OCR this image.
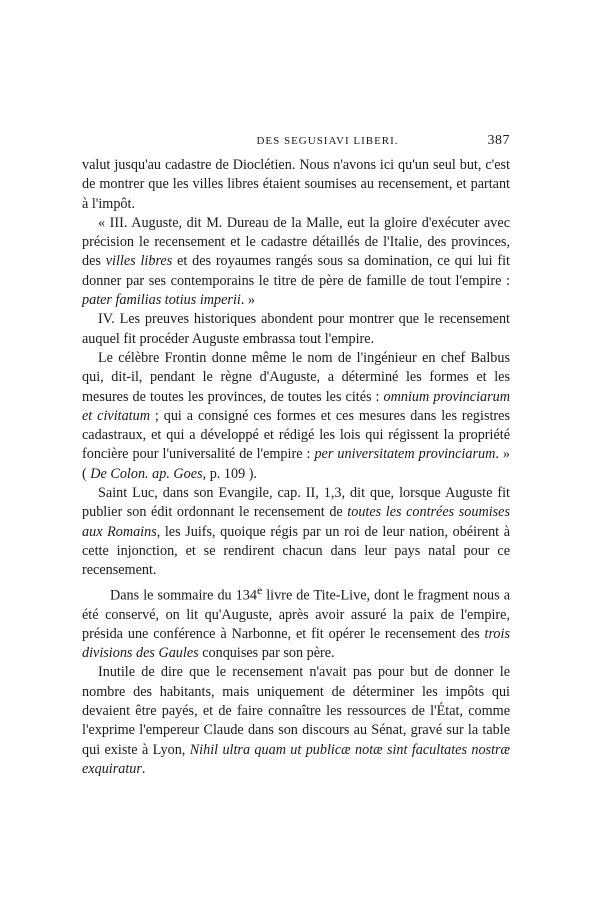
DES SEGUSIAVI LIBERI.	387

valut jusqu'au cadastre de Dioclétien. Nous n'avons ici qu'un seul but, c'est de montrer que les villes libres étaient soumises au recensement, et partant à l'impôt.

« III. Auguste, dit M. Dureau de la Malle, eut la gloire d'exécuter avec précision le recensement et le cadastre détaillés de l'Italie, des provinces, des villes libres et des royaumes rangés sous sa domination, ce qui lui fit donner par ses contemporains le titre de père de famille de tout l'empire : pater familias totius imperii. »

IV. Les preuves historiques abondent pour montrer que le recensement auquel fit procéder Auguste embrassa tout l'empire.

Le célèbre Frontin donne même le nom de l'ingénieur en chef Balbus qui, dit-il, pendant le règne d'Auguste, a déterminé les formes et les mesures de toutes les provinces, de toutes les cités : omnium provinciarum et civitatum ; qui a consigné ces formes et ces mesures dans les registres cadastraux, et qui a développé et rédigé les lois qui régissent la propriété foncière pour l'universalité de l'empire : per universitatem provinciarum. » ( De Colon. ap. Goes, p. 109 ).

Saint Luc, dans son Evangile, cap. II, 1,3, dit que, lorsque Auguste fit publier son édit ordonnant le recensement de toutes les contrées soumises aux Romains, les Juifs, quoique régis par un roi de leur nation, obéirent à cette injonction, et se rendirent chacun dans leur pays natal pour ce recensement.

Dans le sommaire du 134e livre de Tite-Live, dont le fragment nous a été conservé, on lit qu'Auguste, après avoir assuré la paix de l'empire, présida une conférence à Narbonne, et fit opérer le recensement des trois divisions des Gaules conquises par son père.

Inutile de dire que le recensement n'avait pas pour but de donner le nombre des habitants, mais uniquement de déterminer les impôts qui devaient être payés, et de faire connaître les ressources de l'État, comme l'exprime l'empereur Claude dans son discours au Sénat, gravé sur la table qui existe à Lyon, Nihil ultra quam ut publicæ notæ sint facultates nostræ exquiratur.
